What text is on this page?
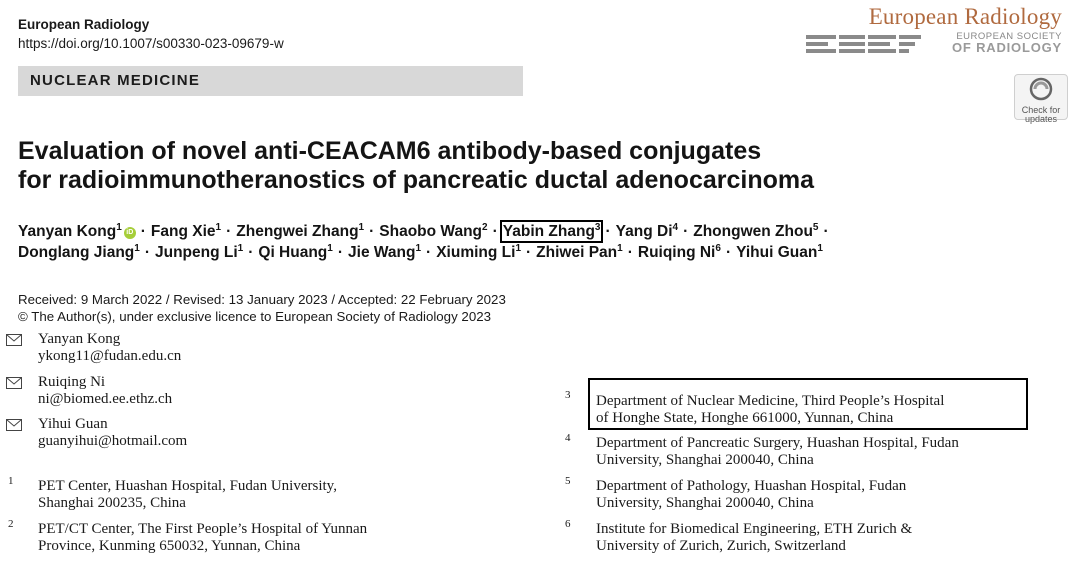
European Radiology
https://doi.org/10.1007/s00330-023-09679-w
European Radiology
EUROPEAN SOCIETY
OF RADIOLOGY
NUCLEAR MEDICINE
Check for
updates
Evaluation of novel anti-CEACAM6 antibody-based conjugates
for radioimmunotheranostics of pancreatic ductal adenocarcinoma
Yanyan Kong$^1$ iD · Fang Xie$^1$ · Zhengwei Zhang$^1$ · Shaobo Wang$^2$ · Yabin Zhang$^3$ · Yang $Di^4$ · Zhongwen Zhou$^5$ ·
Donglang Jiang$^1$ · Junpeng $Li^1 \cdot Qi$ Huang$^1$ · Jie Wang$^1$ · Xiuming $Li^1$ · Zhiwei Pan$^1$ · Ruiqing $Ni^6$ · Yihui Guan$^1$
Received: 9 March 2022 / Revised: 13 January 2023 / Accepted: 22 February 2023
© The Author(s), under exclusive licence to European Society of Radiology 2023
Yanyan Kong
ykong11@fudan.edu.cn
Ruiqing Ni
ni@biomed.ee.ethz.ch
Yihui Guan
guanyihui@hotmail.com
1 PET Center, Huashan Hospital, Fudan University,
Shanghai 200235, China
2 PET/CT Center, The First People’s Hospital of Yunnan
Province, Kunming 650032, Yunnan, China
3 Department of Nuclear Medicine, Third People’s Hospital
of Honghe State, Honghe 661000, Yunnan, China
4 Department of Pancreatic Surgery, Huashan Hospital, Fudan
University, Shanghai 200040, China
5 Department of Pathology, Huashan Hospital, Fudan
University, Shanghai 200040, China
6 Institute for Biomedical Engineering, ETH Zurich &
University of Zurich, Zurich, Switzerland
